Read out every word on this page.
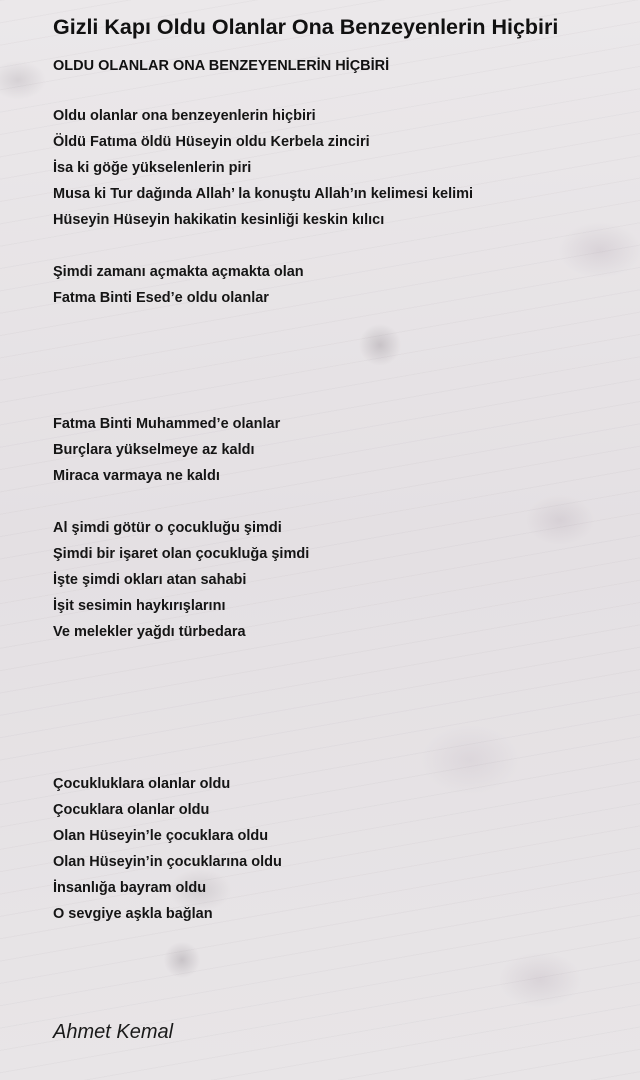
Gizli Kapı Oldu Olanlar Ona Benzeyenlerin Hiçbiri
OLDU OLANLAR ONA BENZEYENLERİN HİÇBİRİ
Oldu olanlar ona benzeyenlerin hiçbiri
Öldü Fatıma öldü Hüseyin oldu Kerbela zinciri
İsa ki göğe yükselenlerin piri
Musa ki Tur dağında Allah’ la konuştu Allah’ın kelimesi kelimi
Hüseyin Hüseyin hakikatin kesinliği keskin kılıcı
Şimdi zamanı açmakta açmakta olan
Fatma Binti Esed’e oldu olanlar
Fatma Binti Muhammed’e olanlar
Burçlara yükselmeye az kaldı
Miraca varmaya ne kaldı
Al şimdi götür o çocukluğu şimdi
Şimdi bir işaret olan çocukluğa şimdi
İşte şimdi okları atan sahabi
İşit sesimin haykırışlarını
Ve melekler yağdı türbedara
Çocukluklara olanlar oldu
Çocuklara olanlar oldu
Olan Hüseyin’le çocuklara oldu
Olan Hüseyin’in çocuklarına oldu
İnsanlığa bayram oldu
O sevgiye aşkla bağlan
Ahmet Kemal
